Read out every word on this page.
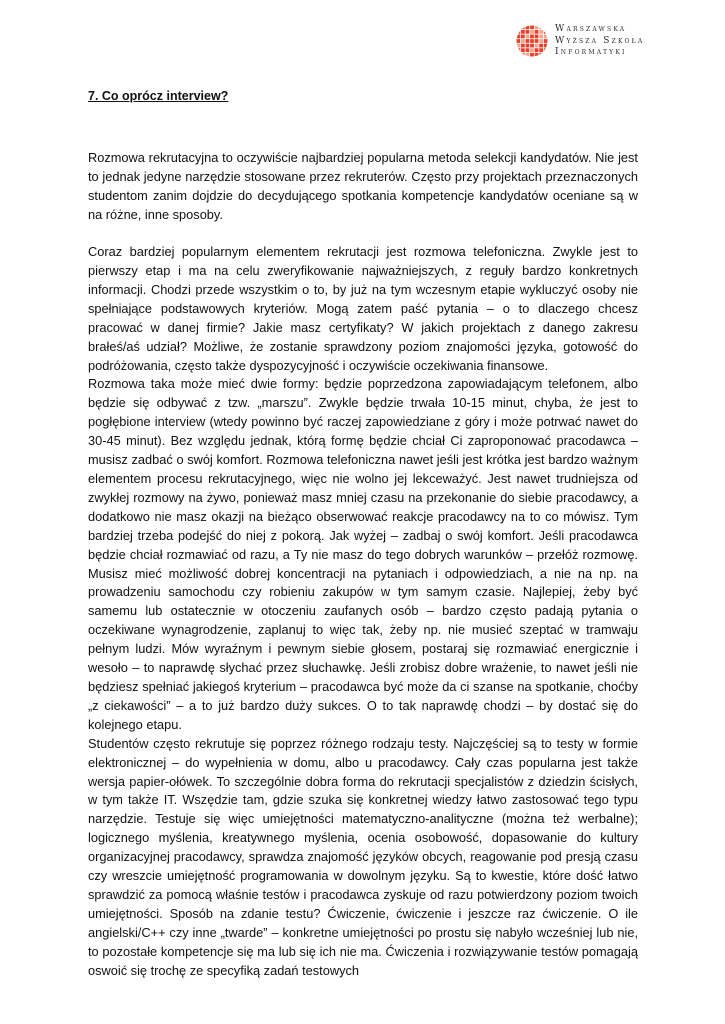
Warszawska
Wyższa Szkoła
Informatyki
7. Co oprócz interview?

Rozmowa rekrutacyjna to oczywiście najbardziej popularna metoda selekcji kandydatów. Nie jest to jednak jedyne narzędzie stosowane przez rekruterów. Często przy projektach przeznaczonych studentom zanim dojdzie do decydującego spotkania kompetencje kandydatów oceniane są w na różne, inne sposoby.

Coraz bardziej popularnym elementem rekrutacji jest rozmowa telefoniczna. Zwykle jest to pierwszy etap i ma na celu zweryfikowanie najważniejszych, z reguły bardzo konkretnych informacji. Chodzi przede wszystkim o to, by już na tym wczesnym etapie wykluczyć osoby nie spełniające podstawowych kryteriów. Mogą zatem paść pytania – o to dlaczego chcesz pracować w danej firmie? Jakie masz certyfikaty? W jakich projektach z danego zakresu brałeś/aś udział? Możliwe, że zostanie sprawdzony poziom znajomości języka, gotowość do podróżowania, często także dyspozycyjność i oczywiście oczekiwania finansowe.

Rozmowa taka może mieć dwie formy: będzie poprzedzona zapowiadającym telefonem, albo będzie się odbywać z tzw. „marszu”. Zwykle będzie trwała 10-15 minut, chyba, że jest to pogłębione interview (wtedy powinno być raczej zapowiedziane z góry i może potrwać nawet do 30-45 minut). Bez względu jednak, którą formę będzie chciał Ci zaproponować pracodawca – musisz zadbać o swój komfort. Rozmowa telefoniczna nawet jeśli jest krótka jest bardzo ważnym elementem procesu rekrutacyjnego, więc nie wolno jej lekceważyć. Jest nawet trudniejsza od zwykłej rozmowy na żywo, ponieważ masz mniej czasu na przekonanie do siebie pracodawcy, a dodatkowo nie masz okazji na bieżąco obserwować reakcje pracodawcy na to co mówisz. Tym bardziej trzeba podejść do niej z pokorą. Jak wyżej – zadbaj o swój komfort. Jeśli pracodawca będzie chciał rozmawiać od razu, a Ty nie masz do tego dobrych warunków – przełóż rozmowę. Musisz mieć możliwość dobrej koncentracji na pytaniach i odpowiedziach, a nie na np. na prowadzeniu samochodu czy robieniu zakupów w tym samym czasie. Najlepiej, żeby być samemu lub ostatecznie w otoczeniu zaufanych osób – bardzo często padają pytania o oczekiwane wynagrodzenie, zaplanuj to więc tak, żeby np. nie musieć szeptać w tramwaju pełnym ludzi. Mów wyraźnym i pewnym siebie głosem, postaraj się rozmawiać energicznie i wesoło – to naprawdę słychać przez słuchawkę. Jeśli zrobisz dobre wrażenie, to nawet jeśli nie będziesz spełniać jakiegoś kryterium – pracodawca być może da ci szanse na spotkanie, choćby „z ciekawości” – a to już bardzo duży sukces. O to tak naprawdę chodzi – by dostać się do kolejnego etapu.

Studentów często rekrutuje się poprzez różnego rodzaju testy. Najczęściej są to testy w formie elektronicznej – do wypełnienia w domu, albo u pracodawcy. Cały czas popularna jest także wersja papier-ołówek. To szczególnie dobra forma do rekrutacji specjalistów z dziedzin ścisłych, w tym także IT. Wszędzie tam, gdzie szuka się konkretnej wiedzy łatwo zastosować tego typu narzędzie. Testuje się więc umiejętności matematyczno-analityczne (można też werbalne); logicznego myślenia, kreatywnego myślenia, ocenia osobowość, dopasowanie do kultury organizacyjnej pracodawcy, sprawdza znajomość języków obcych, reagowanie pod presją czasu czy wreszcie umiejętność programowania w dowolnym języku. Są to kwestie, które dość łatwo sprawdzić za pomocą właśnie testów i pracodawca zyskuje od razu potwierdzony poziom twoich umiejętności. Sposób na zdanie testu? Ćwiczenie, ćwiczenie i jeszcze raz ćwiczenie. O ile angielski/C++ czy inne „twarde” – konkretne umiejętności po prostu się nabyło wcześniej lub nie, to pozostałe kompetencje się ma lub się ich nie ma. Ćwiczenia i rozwiązywanie testów pomagają oswoić się trochę ze specyfiką zadań testowych
